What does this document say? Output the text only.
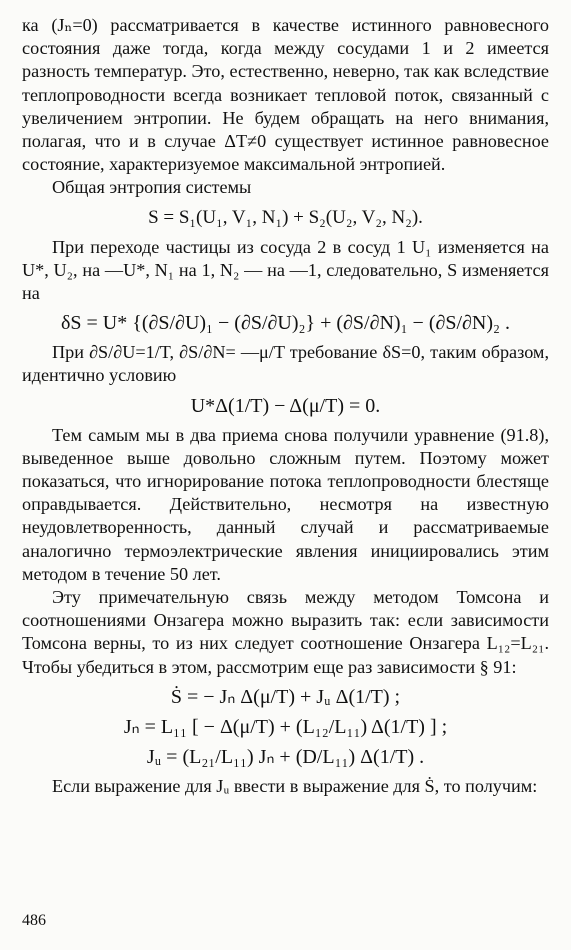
ка (Jₙ=0) рассматривается в качестве истинного равновесного состояния даже тогда, когда между сосудами 1 и 2 имеется разность температур. Это, естественно, неверно, так как вследствие теплопроводности всегда возникает тепловой поток, связанный с увеличением энтропии. Не будем обращать на него внимания, полагая, что и в случае ΔT≠0 существует истинное равновесное состояние, характеризуемое максимальной энтропией.

Общая энтропия системы

S = S₁(U₁, V₁, N₁) + S₂(U₂, V₂, N₂).

При переходе частицы из сосуда 2 в сосуд 1 U₁ изменяется на U*, U₂, на —U*, N₁ на 1, N₂ — на —1, следовательно, S изменяется на

δS = U* {(∂S/∂U)₁ − (∂S/∂U)₂} + (∂S/∂N)₁ − (∂S/∂N)₂ .

При ∂S/∂U=1/T, ∂S/∂N= —μ/T требование δS=0, таким образом, идентично условию

U*Δ(1/T) − Δ(μ/T) = 0.

Тем самым мы в два приема снова получили уравнение (91.8), выведенное выше довольно сложным путем. Поэтому может показаться, что игнорирование потока теплопроводности блестяще оправдывается. Действительно, несмотря на известную неудовлетворенность, данный случай и рассматриваемые аналогично термоэлектрические явления инициировались этим методом в течение 50 лет.

Эту примечательную связь между методом Томсона и соотношениями Онзагера можно выразить так: если зависимости Томсона верны, то из них следует соотношение Онзагера L₁₂=L₂₁. Чтобы убедиться в этом, рассмотрим еще раз зависимости § 91:

Ṡ = − Jₙ Δ(μ/T) + Jᵤ Δ(1/T) ;
Jₙ = L₁₁ [ − Δ(μ/T) + (L₁₂/L₁₁) Δ(1/T) ] ;
Jᵤ = (L₂₁/L₁₁) Jₙ + (D/L₁₁) Δ(1/T) .

Если выражение для Jᵤ ввести в выражение для Ṡ, то получим:

486
